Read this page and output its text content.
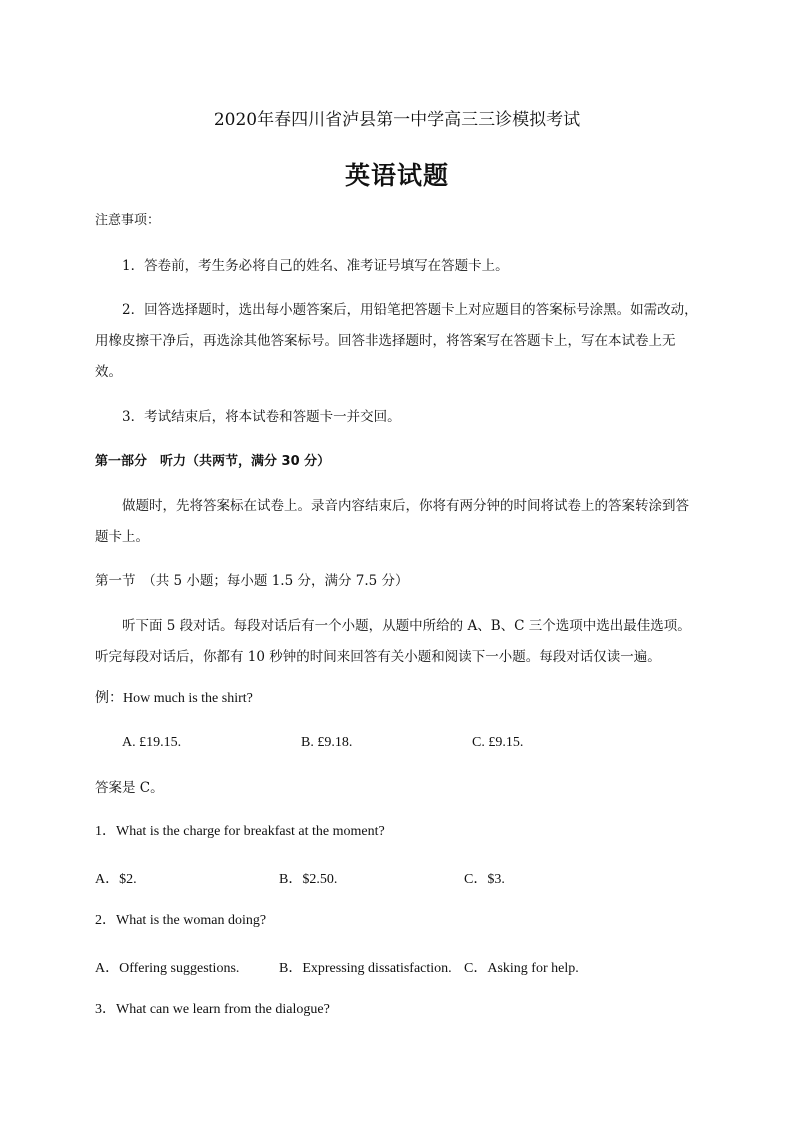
2020年春四川省泸县第一中学高三三诊模拟考试
英语试题
注意事项：
1．答卷前，考生务必将自己的姓名、准考证号填写在答题卡上。
2．回答选择题时，选出每小题答案后，用铅笔把答题卡上对应题目的答案标号涂黑。如需改动，
用橡皮擦干净后，再选涂其他答案标号。回答非选择题时，将答案写在答题卡上，写在本试卷上无
效。
3．考试结束后，将本试卷和答题卡一并交回。
第一部分　听力（共两节，满分 30 分）
做题时，先将答案标在试卷上。录音内容结束后，你将有两分钟的时间将试卷上的答案转涂到答
题卡上。
第一节　（共 5 小题；每小题 1.5 分，满分 7.5 分）
听下面 5 段对话。每段对话后有一个小题，从题中所给的 A、B、C 三个选项中选出最佳选项。
听完每段对话后，你都有 10 秒钟的时间来回答有关小题和阅读下一小题。每段对话仅读一遍。
例：How much is the shirt?
A. £19.15.	B. £9.18.	C. £9.15.
答案是 C。
1．What is the charge for breakfast at the moment?
A．$2.	B．$2.50.	C．$3.
2．What is the woman doing?
A．Offering suggestions.	B．Expressing dissatisfaction. C．Asking for help.
3．What can we learn from the dialogue?
